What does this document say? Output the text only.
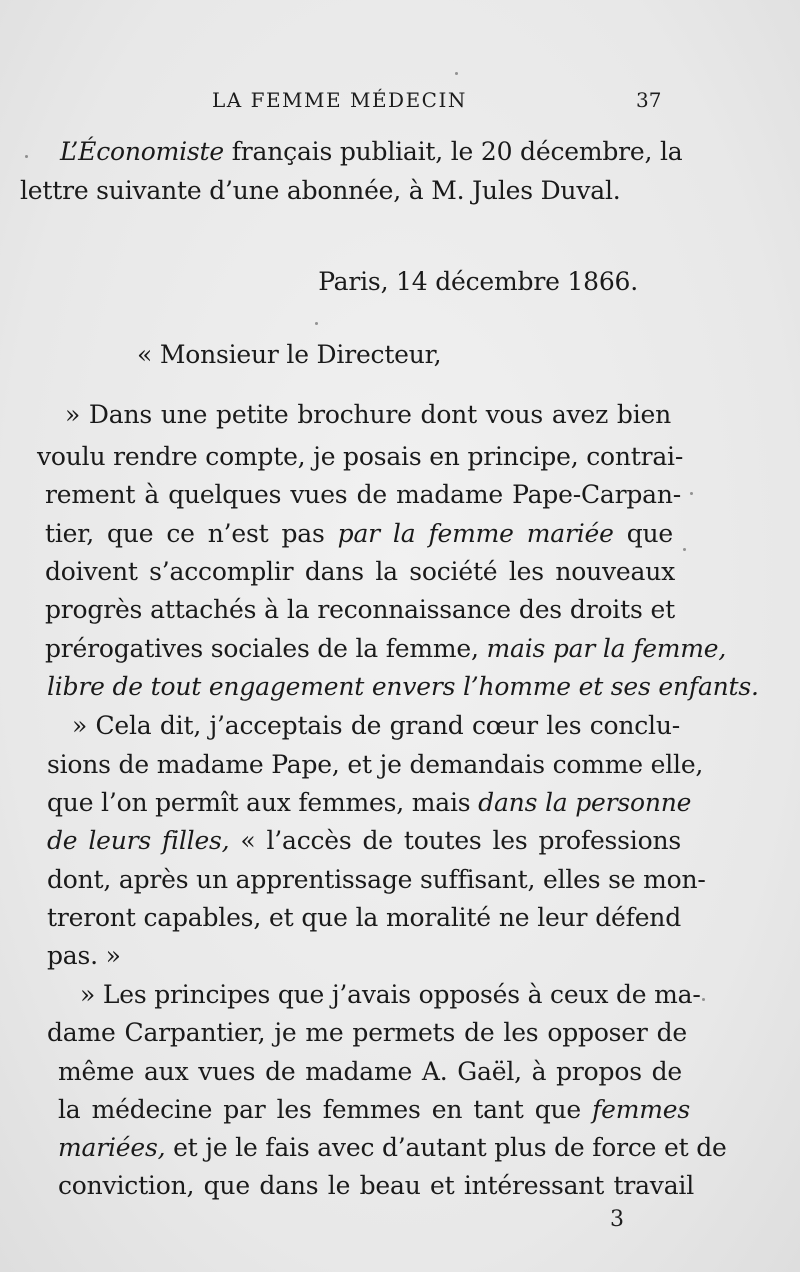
LA FEMME MÉDECIN	37
L’Économiste français publiait, le 20 décembre, la
lettre suivante d’une abonnée, à M. Jules Duval.
Paris, 14 décembre 1866.
« Monsieur le Directeur,
» Dans une petite brochure dont vous avez bien
voulu rendre compte, je posais en principe, contrai-
rement à quelques vues de madame Pape-Carpan-
tier, que ce n’est pas par la femme mariée que
doivent s’accomplir dans la société les nouveaux
progrès attachés à la reconnaissance des droits et
prérogatives sociales de la femme, mais par la femme,
libre de tout engagement envers l’homme et ses enfants.
» Cela dit, j’acceptais de grand cœur les conclu-
sions de madame Pape, et je demandais comme elle,
que l’on permît aux femmes, mais dans la personne
de leurs filles, « l’accès de toutes les professions
dont, après un apprentissage suffisant, elles se mon-
treront capables, et que la moralité ne leur défend
pas. »
» Les principes que j’avais opposés à ceux de ma-
dame Carpantier, je me permets de les opposer de
même aux vues de madame A. Gaël, à propos de
la médecine par les femmes en tant que femmes
mariées, et je le fais avec d’autant plus de force et de
conviction, que dans le beau et intéressant travail
3
